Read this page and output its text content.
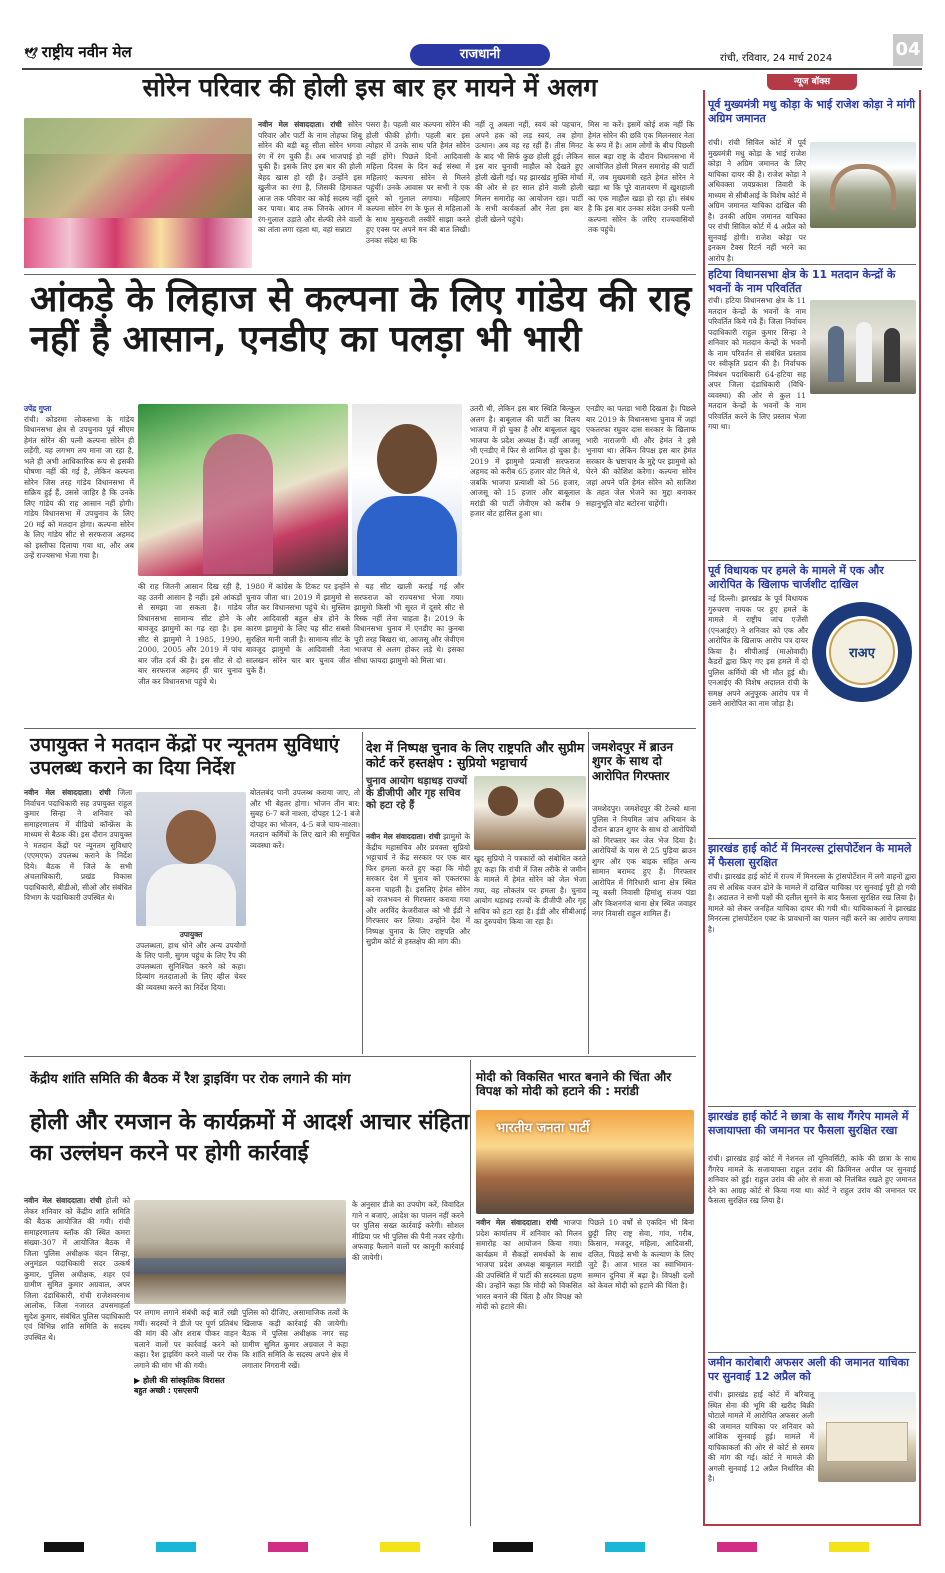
🕊 राष्ट्रीय नवीन मेल	राजधानी	रांची, रविवार, 24 मार्च 2024	04
सोरेन परिवार की होली इस बार हर मायने में अलग
नवीन मेल संवाददाता। रांची सोरेन परिवार और पार्टी के नाम तोहफा शिबू सोरेन की बड़ी बहू सीता सोरेन भगवा रंग में रंग चुकी हैं। अब भाजपाई हो चुकी हैं। इसके लिए इस बार की होली बेहद खास हो रही है। उन्होंने इस खुलीज का रंगा है, जिसकी हिमाकत आज तक परिवार का कोई सदस्य नहीं कर पाया। बाद तक जिनके आंगन में रंग-गुलाल उड़ाते और सेल्फी लेने वालों का तांता लगा रहता था, वहां सन्नाटा
पसरा है। पहली बार कल्पना सोरेन की होली फीकी होगी। पहली बार इस त्योहार में उनके साथ पति हेमंत सोरेन नहीं होंगे। पिछले दिनों आदिवासी महिला दिवस के दिन कई संस्था में महिलाएं कल्पना सोरेन से मिलने पहुंचीं। उनके आवास पर सभी ने एक दूसरे को गुलाल लगाया। महिलाएं कल्पना सोरेन रंग के फूल से महिलाओं के साथ मुस्कुराती तस्वीरें साझा करते हुए एक्स पर अपने मन की बात लिखी। उनका संदेश था कि
नहीं तू अबला नहीं, स्वयं को पहचान, अपने हक को लड़ स्वयं, तब होगा उत्थान। अब वह रह रहीं हैं। तीस मिनट के बाद भी सिर्फ कुछ होली हुई। लेकिन इस बार चुनावी माहौल को देखते हुए होली खेली गई। यह झारखंड मुक्ति मोर्चा की ओर से हर साल होने वाली होली मिलन समारोह का आयोजन रहा। पार्टी के सभी कार्यकर्ता और नेता इस बार होली खेलने पहुंचे।
मिस ना करें। इसमें कोई शक नहीं कि हेमंत सोरेन की छवि एक मिलनसार नेता के रूप में है। आम लोगों के बीच पिछली साल बड़ा राष्ट्र के दौरान विधानसभा में आयोजित होली मिलन समारोह की पार्टी में, जब मुख्यमंत्री रहते हेमंत सोरेन ने खड़ा था कि पूरे वातावरण में खुशहाली का एक माहौल खड़ा हो रहा हो। संबंध है कि इस बार उनका संदेश उनकी पत्नी कल्पना सोरेन के जरिए राज्यवासियों तक पहुंचे।
आंकड़े के लिहाज से कल्पना के लिए गांडेय की राह नहीं है आसान, एनडीए का पलड़ा भी भारी
उपेंद्र गुप्ता
रांची। कोडरमा लोकसभा के गांडेय विधानसभा क्षेत्र से उपचुनाव पूर्व सीएम हेमंत सोरेन की पत्नी कल्पना सोरेन ही लड़ेंगी, यह लगभग तय माना जा रहा है, भले ही अभी आधिकारिक रूप से इसकी घोषणा नहीं की गई है, लेकिन कल्पना सोरेन जिस तरह गांडेय विधानसभा में सक्रिय हुई हैं, उससे जाहिर है कि उनके लिए गांडेय की राह आसान नहीं होगी। गांडेय विधानसभा में उपचुनाव के लिए 20 मई को मतदान होगा। कल्पना सोरेन के लिए गांडेय सीट से सरफराज अहमद को इस्तीफा दिलाया गया था, और अब उन्हें राज्यसभा भेजा गया है।
की राह जितनी आसान दिख रही है, वह उतनी आसान है नहीं। इसे आंकड़ों से समझा जा सकता है। गांडेय विधानसभा सामान्य सीट होने के बावजूद झामुमो का गढ़ रहा है। इस सीट से झामुमो ने 1985, 1990, 2000, 2005 और 2019 में पांच बार जीत दर्ज की है। इस सीट से दो बार सरफराज अहमद ही चार चुनाव जीत कर विधानसभा पहुंचे थे।
1980 में कांग्रेस के टिकट पर इन्होंने चुनाव जीता था। 2019 में झामुमो से जीत कर विधानसभा पहुंचे थे। मुस्लिम और आदिवासी बहुल क्षेत्र होने के कारण झामुमो के लिए यह सीट सबसे सुरक्षित मानी जाती है। सामान्य सीट के बावजूद झामुमो के आदिवासी नेता सालखन सोरेन चार बार चुनाव जीत चुके हैं।
से यह सीट खाली कराई गई और सरफराज को राज्यसभा भेजा गया। झामुमो किसी भी सूरत में दूसरे सीट से रिस्क नहीं लेना चाहता है। 2019 के विधानसभा चुनाव में एनडीए का कुनबा पूरी तरह बिखरा था, आजसू और जेवीएम भाजपा से अलग होकर लड़े थे। इसका सीधा फायदा झामुमो को मिला था।
उतरी थी, लेकिन इस बार स्थिति बिल्कुल अलग है। बाबूलाल की पार्टी का विलय भाजपा में हो चुका है और बाबूलाल खुद भाजपा के प्रदेश अध्यक्ष हैं। वहीं आजसू भी एनडीए में फिर से शामिल हो चुका है। 2019 में झामुमो प्रत्याशी सरफराज अहमद को करीब 65 हजार वोट मिले थे, जबकि भाजपा प्रत्याशी को 56 हजार, आजसू को 15 हजार और बाबूलाल मरांडी की पार्टी जेवीएम को करीब 9 हजार वोट हासिल हुआ था।
एनडीए का पलड़ा भारी दिखता है। पिछले बार 2019 के विधानसभा चुनाव में जहां एकतरफा रघुवर दास सरकार के खिलाफ भारी नाराजगी थी और हेमंत ने इसे भुनाया था। लेकिन विपक्ष इस बार हेमंत सरकार के भ्रष्टाचार के मुद्दे पर झामुमो को घेरने की कोशिश करेगा। कल्पना सोरेन जहां अपने पति हेमंत सोरेन को साजिश के तहत जेल भेजने का मुद्दा बनाकर सहानुभूति वोट बटोरना चाहेंगी।
उपायुक्त ने मतदान केंद्रों पर न्यूनतम सुविधाएं उपलब्ध कराने का दिया निर्देश
नवीन मेल संवाददाता। रांची जिला निर्वाचन पदाधिकारी सह उपायुक्त राहुल कुमार सिन्हा ने शनिवार को समाहरणालय में वीडियो कॉन्फ्रेंस के माध्यम से बैठक की। इस दौरान उपायुक्त ने मतदान केंद्रों पर न्यूनतम सुविधाएं (एएमएफ) उपलब्ध कराने के निर्देश दिये। बैठक में जिले के सभी अंचलाधिकारी, प्रखंड विकास पदाधिकारी, बीडीओ, सीओ और संबंधित विभाग के पदाधिकारी उपस्थित थे।
उपायुक्त
उपलब्धता, हाथ धोने और अन्य उपयोगों के लिए पानी, सुगम पहुंच के लिए रैंप की उपलब्धता सुनिश्चित करने को कहा। दिव्यांग मतदाताओं के लिए व्हील चेयर की व्यवस्था करने का निर्देश दिया।
बोतलबंद पानी उपलब्ध कराया जाए, तो और भी बेहतर होगा। भोजन तीन बार: सुबह 6-7 बजे नाश्ता, दोपहर 12-1 बजे दोपहर का भोजन, 4-5 बजे चाय-नाश्ता। मतदान कर्मियों के लिए खाने की समुचित व्यवस्था करें।
देश में निष्पक्ष चुनाव के लिए राष्ट्रपति और सुप्रीम कोर्ट करें हस्तक्षेप : सुप्रियो भट्टाचार्य
चुनाव आयोग धड़ाधड़ राज्यों के डीजीपी और गृह सचिव को हटा रहे हैं
नवीन मेल संवाददाता। रांची झामुमो के केंद्रीय महासचिव और प्रवक्ता सुप्रियो भट्टाचार्य ने केंद्र सरकार पर एक बार फिर हमला करते हुए कहा कि मोदी सरकार देश में चुनाव को एकतरफा करना चाहती है। इसलिए हेमंत सोरेन को राजभवन से गिरफ्तार कराया गया और अरविंद केजरीवाल को भी ईडी ने गिरफ्तार कर लिया। उन्होंने देश में निष्पक्ष चुनाव के लिए राष्ट्रपति और सुप्रीम कोर्ट से हस्तक्षेप की मांग की।
खुद सुप्रियो ने पत्रकारों को संबोधित करते हुए कहा कि रांची में जिस तरीके से जमीन के मामले में हेमंत सोरेन को जेल भेजा गया, वह लोकतंत्र पर हमला है। चुनाव आयोग धड़ाधड़ राज्यों के डीजीपी और गृह सचिव को हटा रहा है। ईडी और सीबीआई का दुरुपयोग किया जा रहा है।
जमशेदपुर में ब्राउन शुगर के साथ दो आरोपित गिरफ्तार
जमशेदपुर। जमशेदपुर की टेल्को थाना पुलिस ने नियमित जांच अभियान के दौरान ब्राउन शुगर के साथ दो आरोपियों को गिरफ्तार कर जेल भेज दिया है। आरोपियों के पास से 25 पुड़िया ब्राउन शुगर और एक बाइक सहित अन्य सामान बरामद हुए हैं। गिरफ्तार आरोपित में गिरिधारी थाना क्षेत्र स्थित न्यू बस्ती निवासी हिमांशु संजय पंडा और किशनगंज थाना क्षेत्र स्थित जवाहर नगर निवासी राहुल शामिल हैं।
केंद्रीय शांति समिति की बैठक में रैश ड्राइविंग पर रोक लगाने की मांग
होली और रमजान के कार्यक्रमों में आदर्श आचार संहिता का उल्लंघन करने पर होगी कार्रवाई
नवीन मेल संवाददाता। रांची होली को लेकर शनिवार को केंद्रीय शांति समिति की बैठक आयोजित की गयी। रांची समाहरणालय ब्लॉक की स्थित कमरा संख्या-307 में आयोजित बैठक में जिला पुलिस अधीक्षक चंदन सिन्हा, अनुमंडल पदाधिकारी सदर उत्कर्ष कुमार, पुलिस अधीक्षक, शहर एवं ग्रामीण सुमित कुमार अग्रवाल, अपर जिला दंडाधिकारी, रांची राजेशवरनाथ आलोक, जिला नजारत उपसमाहर्ता सुदेश कुमार, संबंधित पुलिस पदाधिकारी एवं विभिन्न शांति समिति के सदस्य उपस्थित थे।
पर लगाम लगाने संबंधी कई बातें रखी गयीं। सदस्यों ने डीजे पर पूर्ण प्रतिबंध की मांग की और शराब पीकर वाहन चलाने वालों पर कार्रवाई करने को कहा। रैश ड्राइविंग करने वालों पर रोक लगाने की मांग भी की गयी।
▶ होली की सांस्कृतिक विरासत
बहुत अच्छी : एसएसपी
पुलिस को दीजिए, असामाजिक तत्वों के खिलाफ कड़ी कार्रवाई की जायेगी। बैठक में पुलिस अधीक्षक नगर सह ग्रामीण सुमित कुमार अग्रवाल ने कहा कि शांति समिति के सदस्य अपने क्षेत्र में लगातार निगरानी रखें।
के अनुसार डीजे का उपयोग करें, विवादित गाने न बजाएं, आदेश का पालन नहीं करने पर पुलिस सख्त कार्रवाई करेगी। सोशल मीडिया पर भी पुलिस की पैनी नजर रहेगी। अफवाह फैलाने वालों पर कानूनी कार्रवाई की जायेगी।
मोदी को विकसित भारत बनाने की चिंता और विपक्ष को मोदी को हटाने की : मरांडी
भारतीय जनता पार्टी
नवीन मेल संवाददाता। रांची भाजपा प्रदेश कार्यालय में शनिवार को मिलन समारोह का आयोजन किया गया। कार्यक्रम में सैकड़ों समर्थकों के साथ भाजपा प्रदेश अध्यक्ष बाबूलाल मरांडी की उपस्थिति में पार्टी की सदस्यता ग्रहण की। उन्होंने कहा कि मोदी को विकसित भारत बनाने की चिंता है और विपक्ष को मोदी को हटाने की।
पिछले 10 वर्षों से एकदिन भी बिना छुट्टी लिए राष्ट्र सेवा, गांव, गरीब, किसान, मजदूर, महिला, आदिवासी, दलित, पिछड़े सभी के कल्याण के लिए जुटे हैं। आज भारत का स्वाभिमान-सम्मान दुनिया में बढ़ा है। विपक्षी दलों को केवल मोदी को हटाने की चिंता है।
न्यूज बॉक्स
पूर्व मुख्यमंत्री मधु कोड़ा के भाई राजेश कोड़ा ने मांगी अग्रिम जमानत
रांची। रांची सिविल कोर्ट में पूर्व मुख्यमंत्री मधु कोड़ा के भाई राजेश कोड़ा ने अग्रिम जमानत के लिए याचिका दायर की है। राजेश कोड़ा ने अधिवक्ता जयप्रकाश तिवारी के माध्यम से सीबीआई के विशेष कोर्ट में अग्रिम जमानत याचिका दाखिल की है। उनकी अग्रिम जमानत याचिका पर रांची सिविल कोर्ट में 4 अप्रैल को सुनवाई होगी। राजेश कोड़ा पर इनकम टैक्स रिटर्न नहीं भरने का आरोप है।
हटिया विधानसभा क्षेत्र के 11 मतदान केन्द्रों के भवनों के नाम परिवर्तित
रांची। हटिया विधानसभा क्षेत्र के 11 मतदान केन्द्रों के भवनों के नाम परिवर्तित किये गये हैं। जिला निर्वाचन पदाधिकारी राहुल कुमार सिन्हा ने शनिवार को मतदान केन्द्रों के भवनों के नाम परिवर्तन से संबंधित प्रस्ताव पर स्वीकृति प्रदान की है। निर्वाचक निबंधन पदाधिकारी 64-हटिया सह अपर जिला दंडाधिकारी (विधि-व्यवस्था) की ओर से कुल 11 मतदान केन्द्रों के भवनों के नाम परिवर्तित करने के लिए प्रस्ताव भेजा गया था।
पूर्व विधायक पर हमले के मामले में एक और आरोपित के खिलाफ चार्जशीट दाखिल
नई दिल्ली। झारखंड के पूर्व विधायक गुरुचरण नायक पर हुए हमले के मामले में राष्ट्रीय जांच एजेंसी (एनआईए) ने शनिवार को एक और आरोपित के खिलाफ आरोप पत्र दायर किया है। सीपीआई (माओवादी) कैडरों द्वारा किए गए इस हमले में दो पुलिस कर्मियों की भी मौत हुई थी। एनआईए की विशेष अदालत रांची के समक्ष अपने अनुपूरक आरोप पत्र में उसने आरोपित का नाम जोड़ा है।
राअए
झारखंड हाई कोर्ट में मिनरल्स ट्रांसपोर्टेशन के मामले में फैसला सुरक्षित
रांची। झारखंड हाई कोर्ट में राज्य में मिनरल्स के ट्रांसपोर्टेशन में लगे वाहनों द्वारा तय से अधिक वजन ढोने के मामले में दाखिल याचिका पर सुनवाई पूरी हो गयी है। अदालत ने सभी पक्षों की दलील सुनने के बाद फैसला सुरक्षित रख लिया है। मामले को लेकर जनहित याचिका दायर की गयी थी। याचिकाकर्ता ने झारखंड मिनरल्स ट्रांसपोर्टेशन एक्ट के प्रावधानों का पालन नहीं करने का आरोप लगाया है।
झारखंड हाई कोर्ट ने छात्रा के साथ गैंगरेप मामले में सजायाफ्ता की जमानत पर फैसला सुरक्षित रखा
रांची। झारखंड हाई कोर्ट में नेशनल लॉ यूनिवर्सिटी, कांके की छात्रा के साथ गैंगरेप मामले के सजायाफ्ता राहुल उरांव की क्रिमिनल अपील पर सुनवाई शनिवार को हुई। राहुल उरांव की ओर से सजा को निलंबित रखते हुए जमानत देने का आग्रह कोर्ट से किया गया था। कोर्ट ने राहुल उरांव की जमानत पर फैसला सुरक्षित रख लिया है।
जमीन कारोबारी अफसर अली की जमानत याचिका पर सुनवाई 12 अप्रैल को
रांची। झारखंड हाई कोर्ट में बरियातू स्थित सेना की भूमि की खरीद बिक्री घोटाले मामले में आरोपित अफसर अली की जमानत याचिका पर शनिवार को आंशिक सुनवाई हुई। मामले में याचिकाकर्ता की ओर से कोर्ट से समय की मांग की गई। कोर्ट ने मामले की अगली सुनवाई 12 अप्रैल निर्धारित की है।
